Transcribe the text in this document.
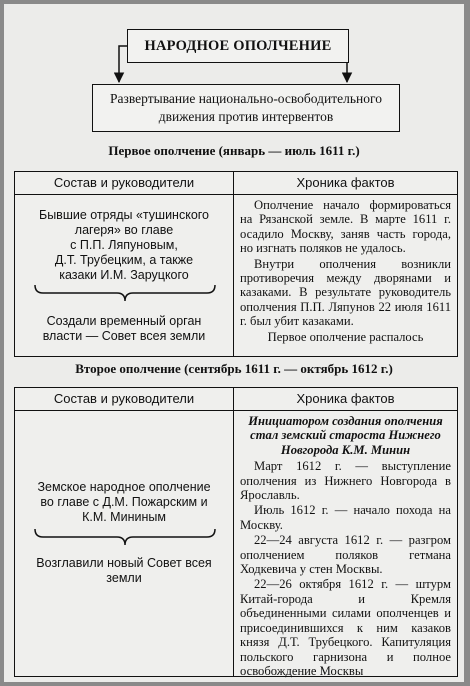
НАРОДНОЕ ОПОЛЧЕНИЕ
Развертывание национально-освободительного
движения против интервентов
Первое ополчение (январь — июль 1611 г.)
Состав и руководители	Хроника фактов
Бывшие отряды «тушинского
лагеря» во главе
с П.П. Ляпуновым,
Д.Т. Трубецким, а также
казаки И.М. Заруцкого
Создали временный орган
власти — Совет всея земли

Ополчение начало формироваться на Рязанской земле. В марте 1611 г. осадило Москву, заняв часть города, но изгнать поляков не удалось.

Внутри ополчения возникли противоречия между дворянами и казаками. В результате руководитель ополчения П.П. Ляпунов 22 июля 1611 г. был убит казаками.

Первое ополчение распалось

Второе ополчение (сентябрь 1611 г. — октябрь 1612 г.)
Состав и руководители	Хроника фактов
Земское народное ополчение
во главе с Д.М. Пожарским и
К.М. Мининым
Возглавили новый Совет всея
земли
Инициатором создания ополчения стал земский староста Нижнего Новгорода К.М. Минин

Март 1612 г. — выступление ополчения из Нижнего Новгорода в Ярославль.

Июль 1612 г. — начало похода на Москву.

22—24 августа 1612 г. — разгром ополчением поляков гетмана Ходкевича у стен Москвы.

22—26 октября 1612 г. — штурм Китай-города и Кремля объединенными силами ополченцев и присоединившихся к ним казаков князя Д.Т. Трубецкого. Капитуляция польского гарнизона и полное освобождение Москвы
